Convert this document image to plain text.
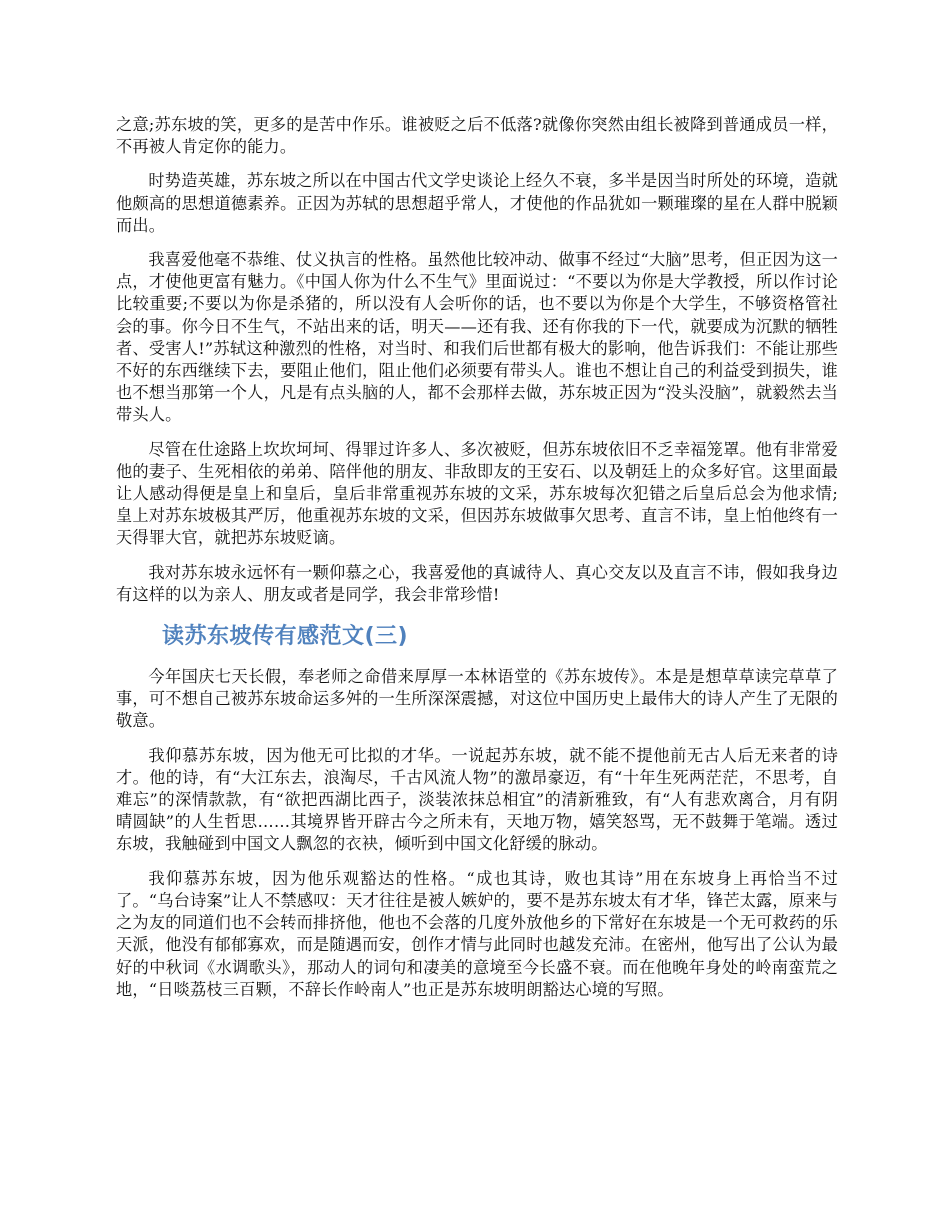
之意;苏东坡的笑，更多的是苦中作乐。谁被贬之后不低落?就像你突然由组长被降到普通成员一样，不再被人肯定你的能力。

时势造英雄，苏东坡之所以在中国古代文学史谈论上经久不衰，多半是因当时所处的环境，造就他颇高的思想道德素养。正因为苏轼的思想超乎常人，才使他的作品犹如一颗璀璨的星在人群中脱颖而出。

我喜爱他毫不恭维、仗义执言的性格。虽然他比较冲动、做事不经过“大脑”思考，但正因为这一点，才使他更富有魅力。《中国人你为什么不生气》里面说过：“不要以为你是大学教授，所以作讨论比较重要;不要以为你是杀猪的，所以没有人会听你的话，也不要以为你是个大学生，不够资格管社会的事。你今日不生气，不站出来的话，明天——还有我、还有你我的下一代，就要成为沉默的牺牲者、受害人!”苏轼这种激烈的性格，对当时、和我们后世都有极大的影响，他告诉我们：不能让那些不好的东西继续下去，要阻止他们，阻止他们必须要有带头人。谁也不想让自己的利益受到损失，谁也不想当那第一个人，凡是有点头脑的人，都不会那样去做，苏东坡正因为“没头没脑”，就毅然去当带头人。

尽管在仕途路上坎坎坷坷、得罪过许多人、多次被贬，但苏东坡依旧不乏幸福笼罩。他有非常爱他的妻子、生死相依的弟弟、陪伴他的朋友、非敌即友的王安石、以及朝廷上的众多好官。这里面最让人感动得便是皇上和皇后，皇后非常重视苏东坡的文采，苏东坡每次犯错之后皇后总会为他求情;皇上对苏东坡极其严厉，他重视苏东坡的文采，但因苏东坡做事欠思考、直言不讳，皇上怕他终有一天得罪大官，就把苏东坡贬谪。

我对苏东坡永远怀有一颗仰慕之心，我喜爱他的真诚待人、真心交友以及直言不讳，假如我身边有这样的以为亲人、朋友或者是同学，我会非常珍惜!

读苏东坡传有感范文(三)

今年国庆七天长假，奉老师之命借来厚厚一本林语堂的《苏东坡传》。本是是想草草读完草草了事，可不想自己被苏东坡命运多舛的一生所深深震撼，对这位中国历史上最伟大的诗人产生了无限的敬意。

我仰慕苏东坡，因为他无可比拟的才华。一说起苏东坡，就不能不提他前无古人后无来者的诗才。他的诗，有“大江东去，浪淘尽，千古风流人物”的激昂豪迈，有“十年生死两茫茫，不思考，自难忘”的深情款款，有“欲把西湖比西子，淡装浓抹总相宜”的清新雅致，有“人有悲欢离合，月有阴晴圆缺”的人生哲思……其境界皆开辟古今之所未有，天地万物，嬉笑怒骂，无不鼓舞于笔端。透过东坡，我触碰到中国文人飘忽的衣袂，倾听到中国文化舒缓的脉动。

我仰慕苏东坡，因为他乐观豁达的性格。“成也其诗，败也其诗”用在东坡身上再恰当不过了。“乌台诗案”让人不禁感叹：天才往往是被人嫉妒的，要不是苏东坡太有才华，锋芒太露，原来与之为友的同道们也不会转而排挤他，他也不会落的几度外放他乡的下常好在东坡是一个无可救药的乐天派，他没有郁郁寡欢，而是随遇而安，创作才情与此同时也越发充沛。在密州，他写出了公认为最好的中秋词《水调歌头》，那动人的词句和凄美的意境至今长盛不衰。而在他晚年身处的岭南蛮荒之地，“日啖荔枝三百颗，不辞长作岭南人”也正是苏东坡明朗豁达心境的写照。
